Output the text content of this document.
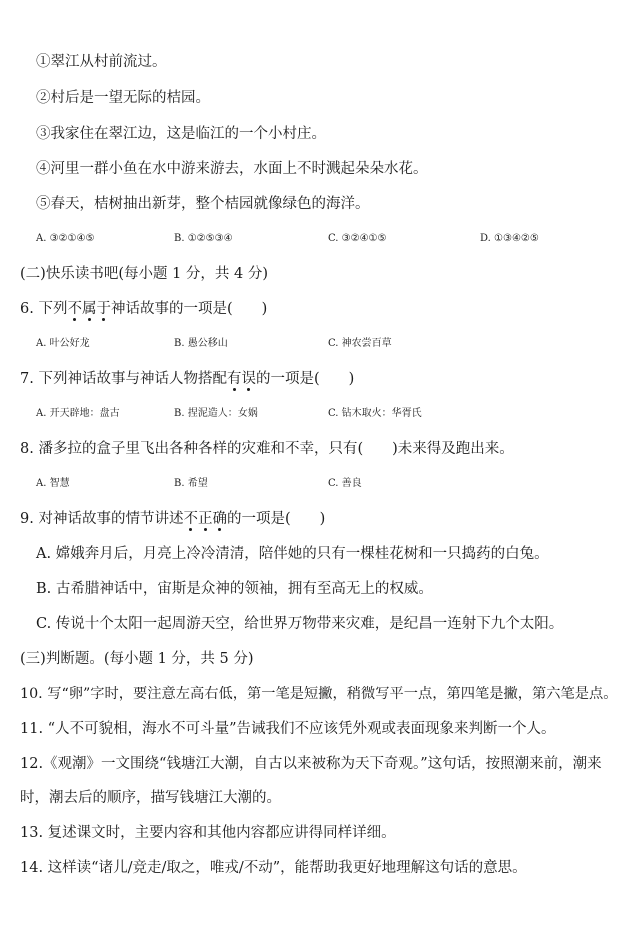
①翠江从村前流过。
②村后是一望无际的桔园。
③我家住在翠江边，这是临江的一个小村庄。
④河里一群小鱼在水中游来游去，水面上不时溅起朵朵水花。
⑤春天，桔树抽出新芽，整个桔园就像绿色的海洋。
A. ③②①④⑤	B. ①②⑤③④	C. ③②④①⑤	D. ①③④②⑤
(二)快乐读书吧(每小题 1 分，共 4 分)
6. 下列不属于神话故事的一项是(　　)
A. 叶公好龙	B. 愚公移山	C. 神农尝百草
7. 下列神话故事与神话人物搭配有误的一项是(　　)
A. 开天辟地：盘古	B. 捏泥造人：女娲	C. 钻木取火：华胥氏
8. 潘多拉的盒子里飞出各种各样的灾难和不幸，只有(　　)未来得及跑出来。
A. 智慧	B. 希望	C. 善良
9. 对神话故事的情节讲述不正确的一项是(　　)
A. 嫦娥奔月后，月亮上冷冷清清，陪伴她的只有一棵桂花树和一只捣药的白兔。
B. 古希腊神话中，宙斯是众神的领袖，拥有至高无上的权威。
C. 传说十个太阳一起周游天空，给世界万物带来灾难，是纪昌一连射下九个太阳。
(三)判断题。(每小题 1 分，共 5 分)
10. 写“卵”字时，要注意左高右低，第一笔是短撇，稍微写平一点，第四笔是撇，第六笔是点。
11. “人不可貌相，海水不可斗量”告诫我们不应该凭外观或表面现象来判断一个人。
12.《观潮》一文围绕“钱塘江大潮，自古以来被称为天下奇观。”这句话，按照潮来前，潮来
时，潮去后的顺序，描写钱塘江大潮的。
13. 复述课文时，主要内容和其他内容都应讲得同样详细。
14. 这样读“诸儿/竞走/取之，唯戎/不动”，能帮助我更好地理解这句话的意思。
